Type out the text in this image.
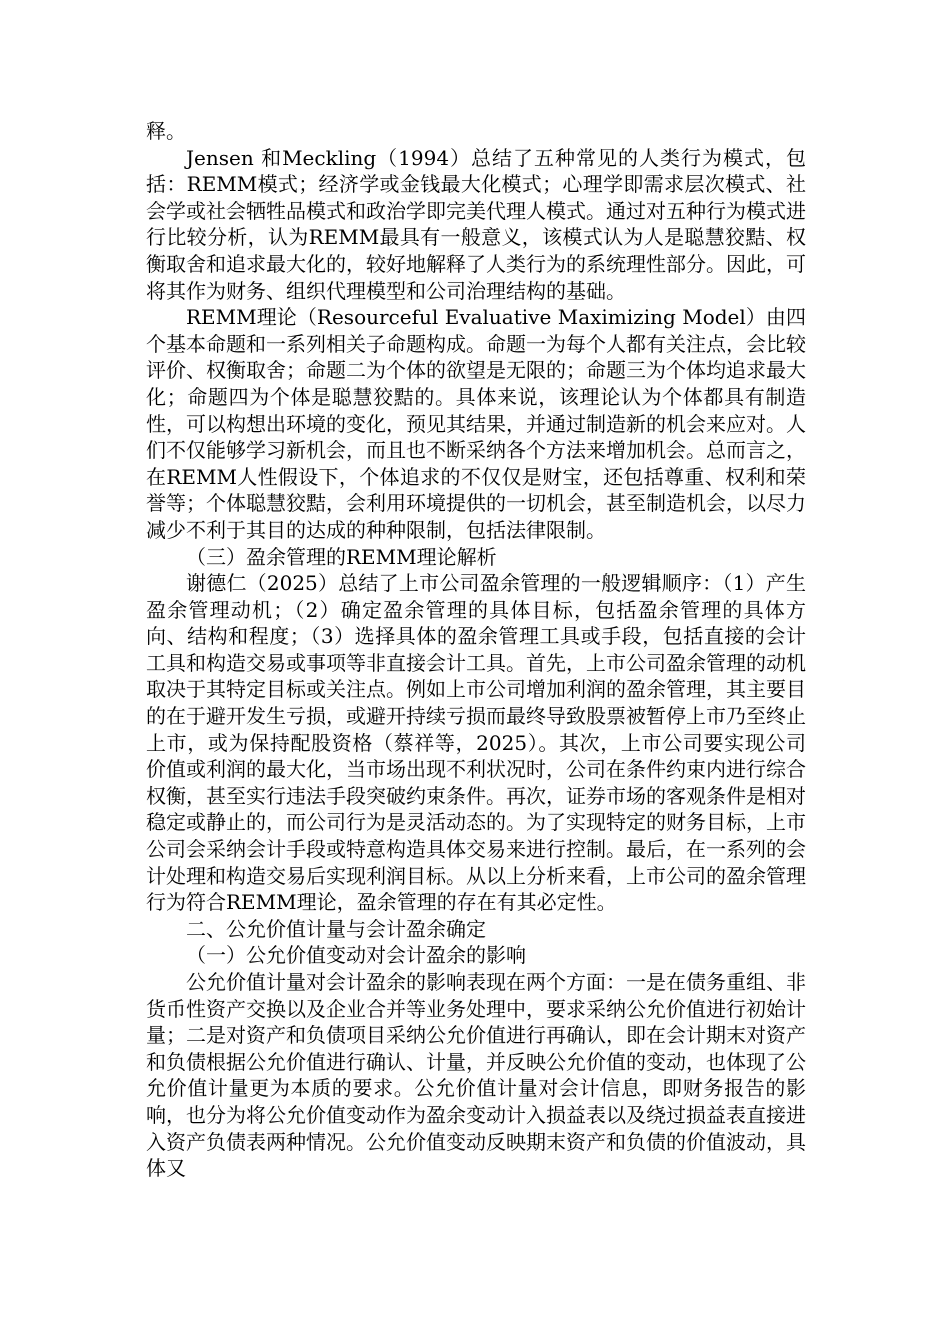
释。

Jensen 和Meckling（1994）总结了五种常见的人类行为模式，包括：REMM模式；经济学或金钱最大化模式；心理学即需求层次模式、社会学或社会牺牲品模式和政治学即完美代理人模式。通过对五种行为模式进行比较分析，认为REMM最具有一般意义，该模式认为人是聪慧狡黠、权衡取舍和追求最大化的，较好地解释了人类行为的系统理性部分。因此，可将其作为财务、组织代理模型和公司治理结构的基础。

REMM理论（Resourceful Evaluative Maximizing Model）由四个基本命题和一系列相关子命题构成。命题一为每个人都有关注点，会比较评价、权衡取舍；命题二为个体的欲望是无限的；命题三为个体均追求最大化；命题四为个体是聪慧狡黠的。具体来说，该理论认为个体都具有制造性，可以构想出环境的变化，预见其结果，并通过制造新的机会来应对。人们不仅能够学习新机会，而且也不断采纳各个方法来增加机会。总而言之，在REMM人性假设下，个体追求的不仅仅是财宝，还包括尊重、权利和荣誉等；个体聪慧狡黠，会利用环境提供的一切机会，甚至制造机会，以尽力减少不利于其目的达成的种种限制，包括法律限制。

（三）盈余管理的REMM理论解析

谢德仁（2025）总结了上市公司盈余管理的一般逻辑顺序：（1）产生盈余管理动机；（2）确定盈余管理的具体目标，包括盈余管理的具体方向、结构和程度；（3）选择具体的盈余管理工具或手段，包括直接的会计工具和构造交易或事项等非直接会计工具。首先，上市公司盈余管理的动机取决于其特定目标或关注点。例如上市公司增加利润的盈余管理，其主要目的在于避开发生亏损，或避开持续亏损而最终导致股票被暂停上市乃至终止上市，或为保持配股资格（蔡祥等，2025）。其次，上市公司要实现公司价值或利润的最大化，当市场出现不利状况时，公司在条件约束内进行综合权衡，甚至实行违法手段突破约束条件。再次，证券市场的客观条件是相对稳定或静止的，而公司行为是灵活动态的。为了实现特定的财务目标，上市公司会采纳会计手段或特意构造具体交易来进行控制。最后，在一系列的会计处理和构造交易后实现利润目标。从以上分析来看，上市公司的盈余管理行为符合REMM理论，盈余管理的存在有其必定性。

二、公允价值计量与会计盈余确定

（一）公允价值变动对会计盈余的影响

公允价值计量对会计盈余的影响表现在两个方面：一是在债务重组、非货币性资产交换以及企业合并等业务处理中，要求采纳公允价值进行初始计量；二是对资产和负债项目采纳公允价值进行再确认，即在会计期末对资产和负债根据公允价值进行确认、计量，并反映公允价值的变动，也体现了公允价值计量更为本质的要求。公允价值计量对会计信息，即财务报告的影响，也分为将公允价值变动作为盈余变动计入损益表以及绕过损益表直接进入资产负债表两种情况。公允价值变动反映期末资产和负债的价值波动，具体又
